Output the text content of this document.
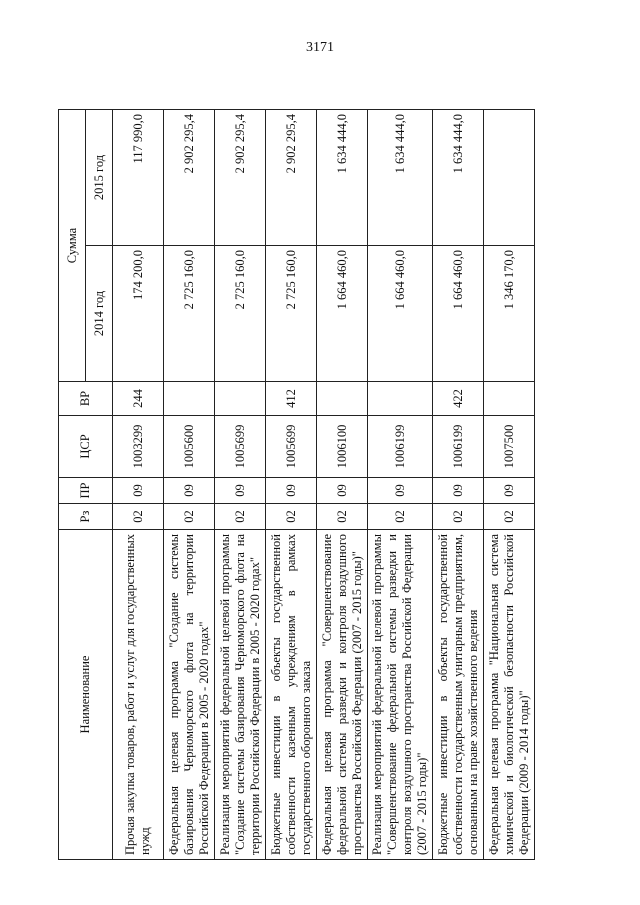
3171
Наименование	Рз	ПР	ЦСР	ВР	Сумма	
					2014 год	2015 год
Прочая закупка товаров, работ и услуг для государственных нужд	02	09	1003299	244	174 200,0	117 990,0
Федеральная целевая программа "Создание системы базирования Черноморского флота на территории Российской Федерации в 2005 - 2020 годах"	02	09	1005600		2 725 160,0	2 902 295,4
Реализация мероприятий федеральной целевой программы "Создание системы базирования Черноморского флота на территории Российской Федерации в 2005 - 2020 годах"	02	09	1005699		2 725 160,0	2 902 295,4
Бюджетные инвестиции в объекты государственной собственности казенным учреждениям в рамках государственного оборонного заказа	02	09	1005699	412	2 725 160,0	2 902 295,4
Федеральная целевая программа "Совершенствование федеральной системы разведки и контроля воздушного пространства Российской Федерации (2007 - 2015 годы)"	02	09	1006100		1 664 460,0	1 634 444,0
Реализация мероприятий федеральной целевой программы "Совершенствование федеральной системы разведки и контроля воздушного пространства Российской Федерации (2007 - 2015 годы)"	02	09	1006199		1 664 460,0	1 634 444,0
Бюджетные инвестиции в объекты государственной собственности государственным унитарным предприятиям, основанным на праве хозяйственного ведения	02	09	1006199	422	1 664 460,0	1 634 444,0
Федеральная целевая программа "Национальная система химической и биологической безопасности Российской Федерации (2009 - 2014 годы)"	02	09	1007500		1 346 170,0	
